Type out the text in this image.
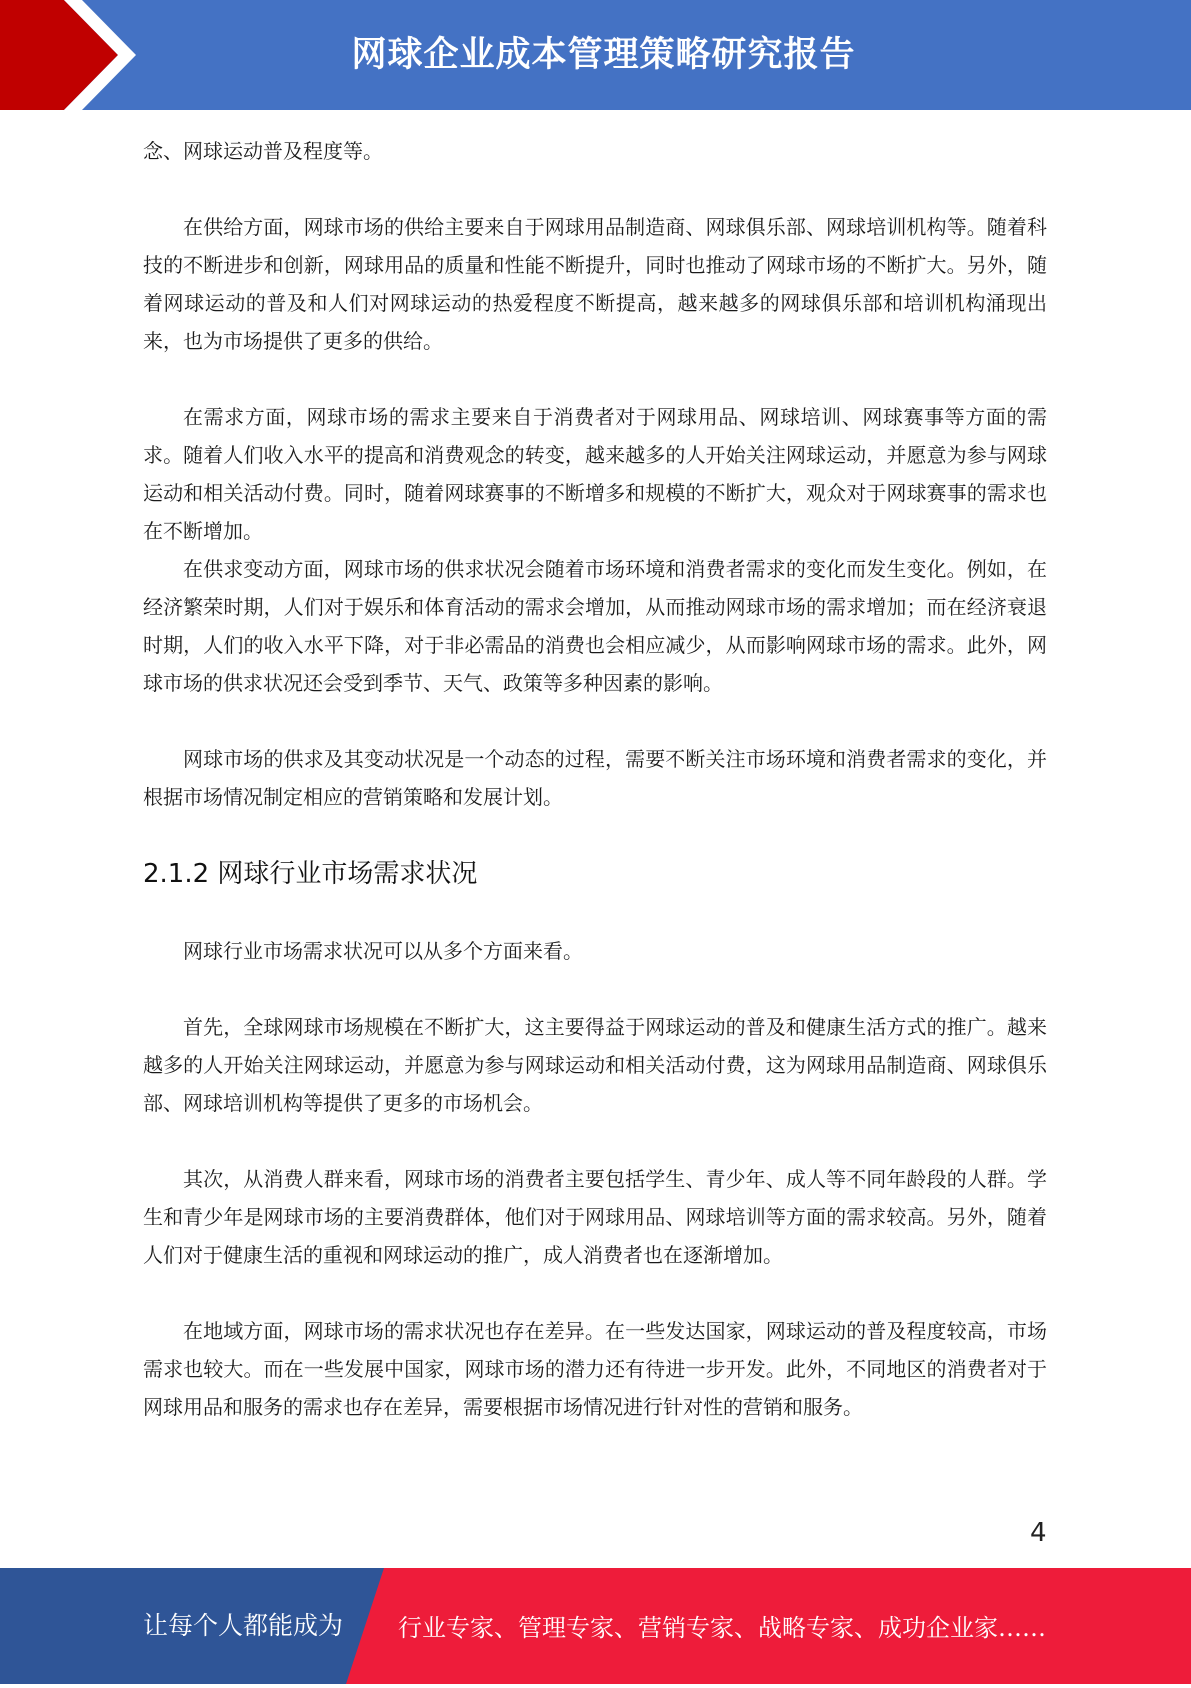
网球企业成本管理策略研究报告

念、网球运动普及程度等。

在供给方面，网球市场的供给主要来自于网球用品制造商、网球俱乐部、网球培训机构等。随着科技的不断进步和创新，网球用品的质量和性能不断提升，同时也推动了网球市场的不断扩大。另外，随着网球运动的普及和人们对网球运动的热爱程度不断提高，越来越多的网球俱乐部和培训机构涌现出来，也为市场提供了更多的供给。

在需求方面，网球市场的需求主要来自于消费者对于网球用品、网球培训、网球赛事等方面的需求。随着人们收入水平的提高和消费观念的转变，越来越多的人开始关注网球运动，并愿意为参与网球运动和相关活动付费。同时，随着网球赛事的不断增多和规模的不断扩大，观众对于网球赛事的需求也在不断增加。

在供求变动方面，网球市场的供求状况会随着市场环境和消费者需求的变化而发生变化。例如，在经济繁荣时期，人们对于娱乐和体育活动的需求会增加，从而推动网球市场的需求增加；而在经济衰退时期，人们的收入水平下降，对于非必需品的消费也会相应减少，从而影响网球市场的需求。此外，网球市场的供求状况还会受到季节、天气、政策等多种因素的影响。

网球市场的供求及其变动状况是一个动态的过程，需要不断关注市场环境和消费者需求的变化，并根据市场情况制定相应的营销策略和发展计划。

2.1.2 网球行业市场需求状况

网球行业市场需求状况可以从多个方面来看。

首先，全球网球市场规模在不断扩大，这主要得益于网球运动的普及和健康生活方式的推广。越来越多的人开始关注网球运动，并愿意为参与网球运动和相关活动付费，这为网球用品制造商、网球俱乐部、网球培训机构等提供了更多的市场机会。

其次，从消费人群来看，网球市场的消费者主要包括学生、青少年、成人等不同年龄段的人群。学生和青少年是网球市场的主要消费群体，他们对于网球用品、网球培训等方面的需求较高。另外，随着人们对于健康生活的重视和网球运动的推广，成人消费者也在逐渐增加。

在地域方面，网球市场的需求状况也存在差异。在一些发达国家，网球运动的普及程度较高，市场需求也较大。而在一些发展中国家，网球市场的潜力还有待进一步开发。此外，不同地区的消费者对于网球用品和服务的需求也存在差异，需要根据市场情况进行针对性的营销和服务。

4
让每个人都能成为 行业专家、管理专家、营销专家、战略专家、成功企业家……
